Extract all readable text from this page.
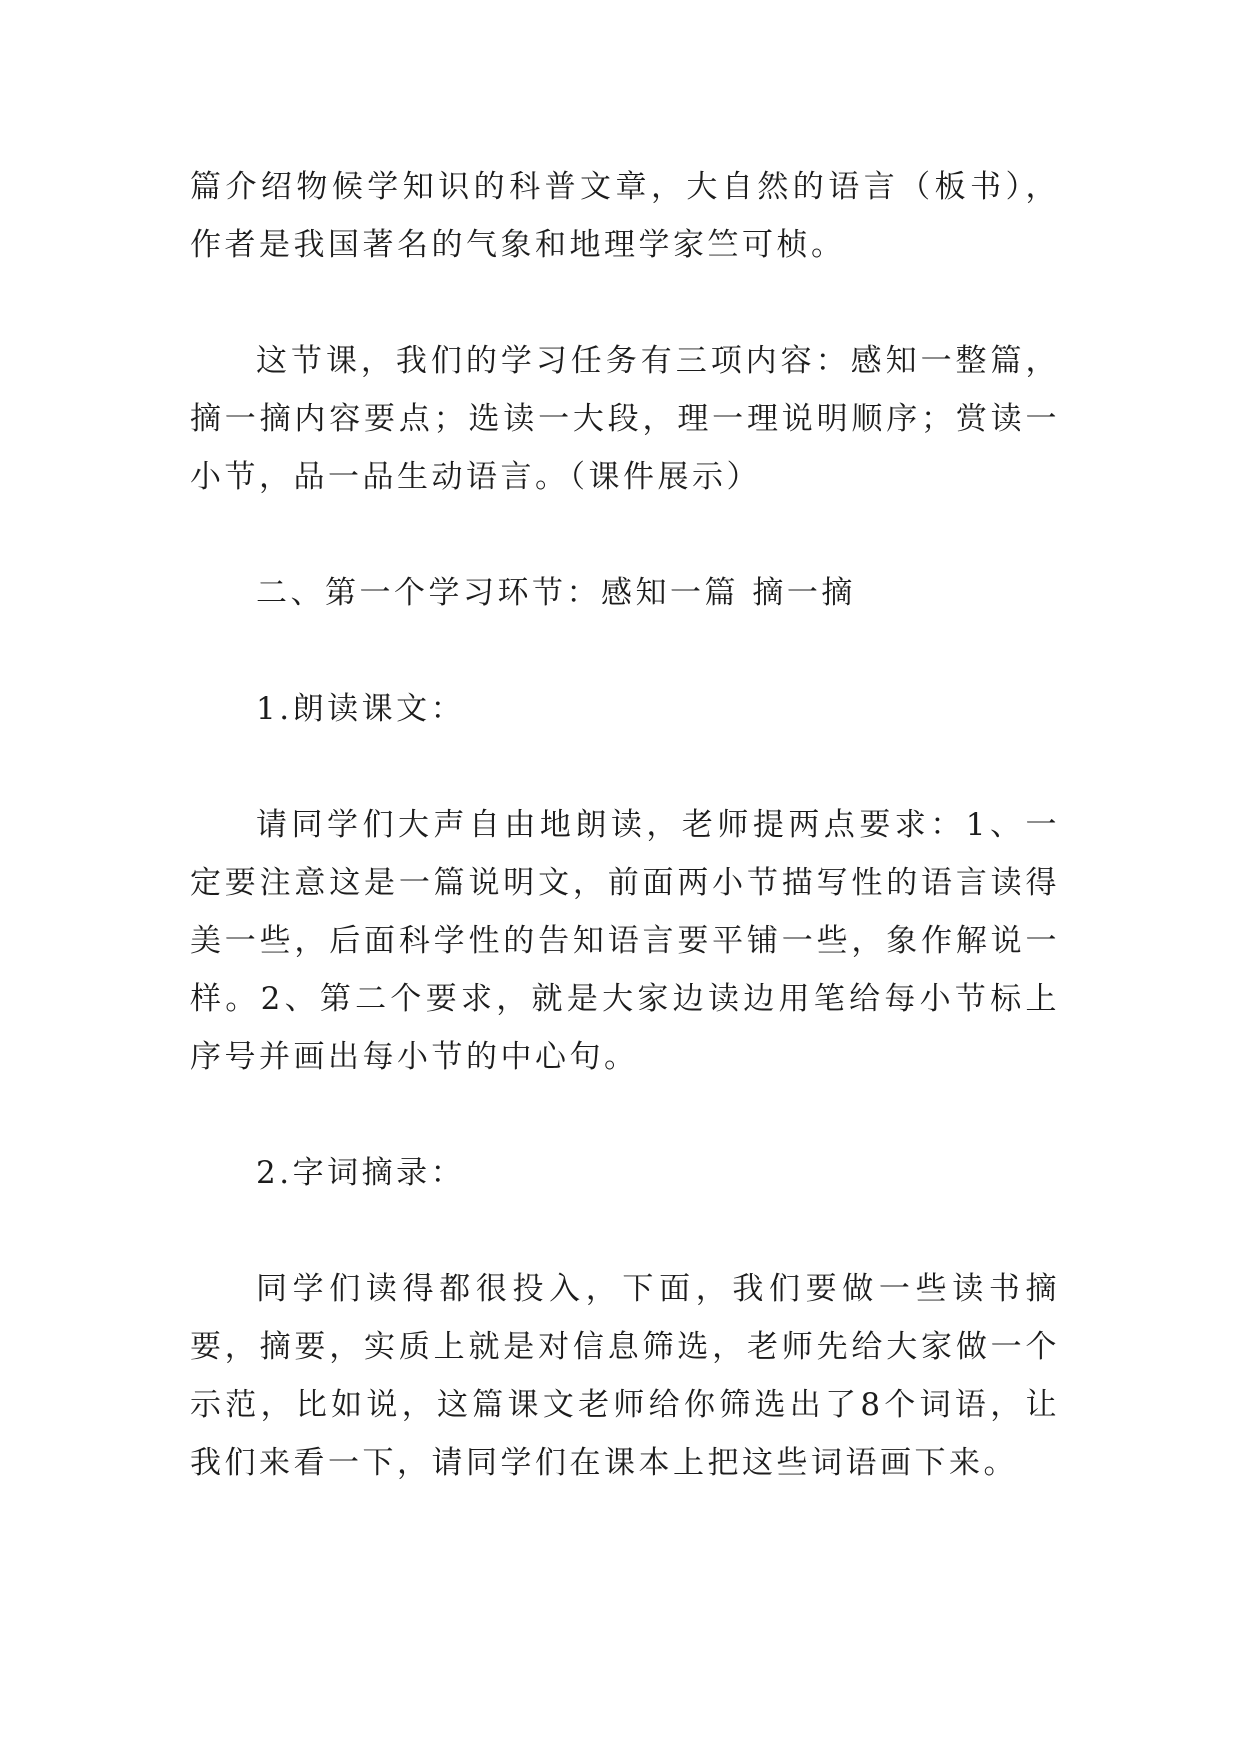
篇介绍物候学知识的科普文章，大自然的语言（板书），作者是我国著名的气象和地理学家竺可桢。

这节课，我们的学习任务有三项内容：感知一整篇，摘一摘内容要点；选读一大段，理一理说明顺序；赏读一小节，品一品生动语言。（课件展示）

二、第一个学习环节：感知一篇 摘一摘

1.朗读课文：

请同学们大声自由地朗读，老师提两点要求：1、一定要注意这是一篇说明文，前面两小节描写性的语言读得美一些，后面科学性的告知语言要平铺一些，象作解说一样。2、第二个要求，就是大家边读边用笔给每小节标上序号并画出每小节的中心句。

2.字词摘录：

同学们读得都很投入，下面，我们要做一些读书摘要，摘要，实质上就是对信息筛选，老师先给大家做一个示范，比如说，这篇课文老师给你筛选出了8个词语，让我们来看一下，请同学们在课本上把这些词语画下来。
